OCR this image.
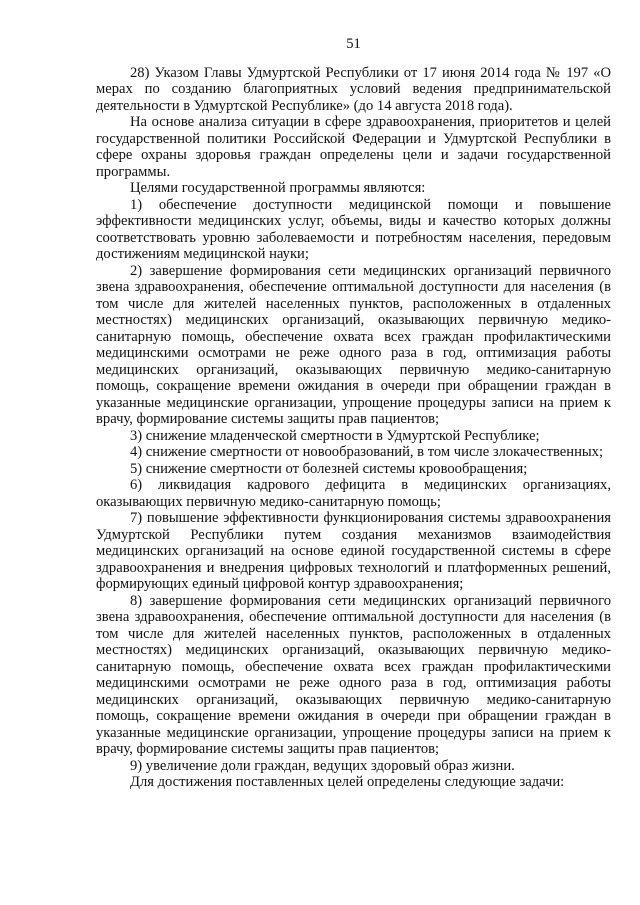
51

28) Указом Главы Удмуртской Республики от 17 июня 2014 года № 197 «О мерах по созданию благоприятных условий ведения предпринимательской деятельности в Удмуртской Республике» (до 14 августа 2018 года).

На основе анализа ситуации в сфере здравоохранения, приоритетов и целей государственной политики Российской Федерации и Удмуртской Республики в сфере охраны здоровья граждан определены цели и задачи государственной программы.

Целями государственной программы являются:

1) обеспечение доступности медицинской помощи и повышение эффективности медицинских услуг, объемы, виды и качество которых должны соответствовать уровню заболеваемости и потребностям населения, передовым достижениям медицинской науки;

2) завершение формирования сети медицинских организаций первичного звена здравоохранения, обеспечение оптимальной доступности для населения (в том числе для жителей населенных пунктов, расположенных в отдаленных местностях) медицинских организаций, оказывающих первичную медико-санитарную помощь, обеспечение охвата всех граждан профилактическими медицинскими осмотрами не реже одного раза в год, оптимизация работы медицинских организаций, оказывающих первичную медико-санитарную помощь, сокращение времени ожидания в очереди при обращении граждан в указанные медицинские организации, упрощение процедуры записи на прием к врачу, формирование системы защиты прав пациентов;

3) снижение младенческой смертности в Удмуртской Республике;

4) снижение смертности от новообразований, в том числе злокачественных;

5) снижение смертности от болезней системы кровообращения;

6) ликвидация кадрового дефицита в медицинских организациях, оказывающих первичную медико-санитарную помощь;

7) повышение эффективности функционирования системы здравоохранения Удмуртской Республики путем создания механизмов взаимодействия медицинских организаций на основе единой государственной системы в сфере здравоохранения и внедрения цифровых технологий и платформенных решений, формирующих единый цифровой контур здравоохранения;

8) завершение формирования сети медицинских организаций первичного звена здравоохранения, обеспечение оптимальной доступности для населения (в том числе для жителей населенных пунктов, расположенных в отдаленных местностях) медицинских организаций, оказывающих первичную медико-санитарную помощь, обеспечение охвата всех граждан профилактическими медицинскими осмотрами не реже одного раза в год, оптимизация работы медицинских организаций, оказывающих первичную медико-санитарную помощь, сокращение времени ожидания в очереди при обращении граждан в указанные медицинские организации, упрощение процедуры записи на прием к врачу, формирование системы защиты прав пациентов;

9) увеличение доли граждан, ведущих здоровый образ жизни.

Для достижения поставленных целей определены следующие задачи:
